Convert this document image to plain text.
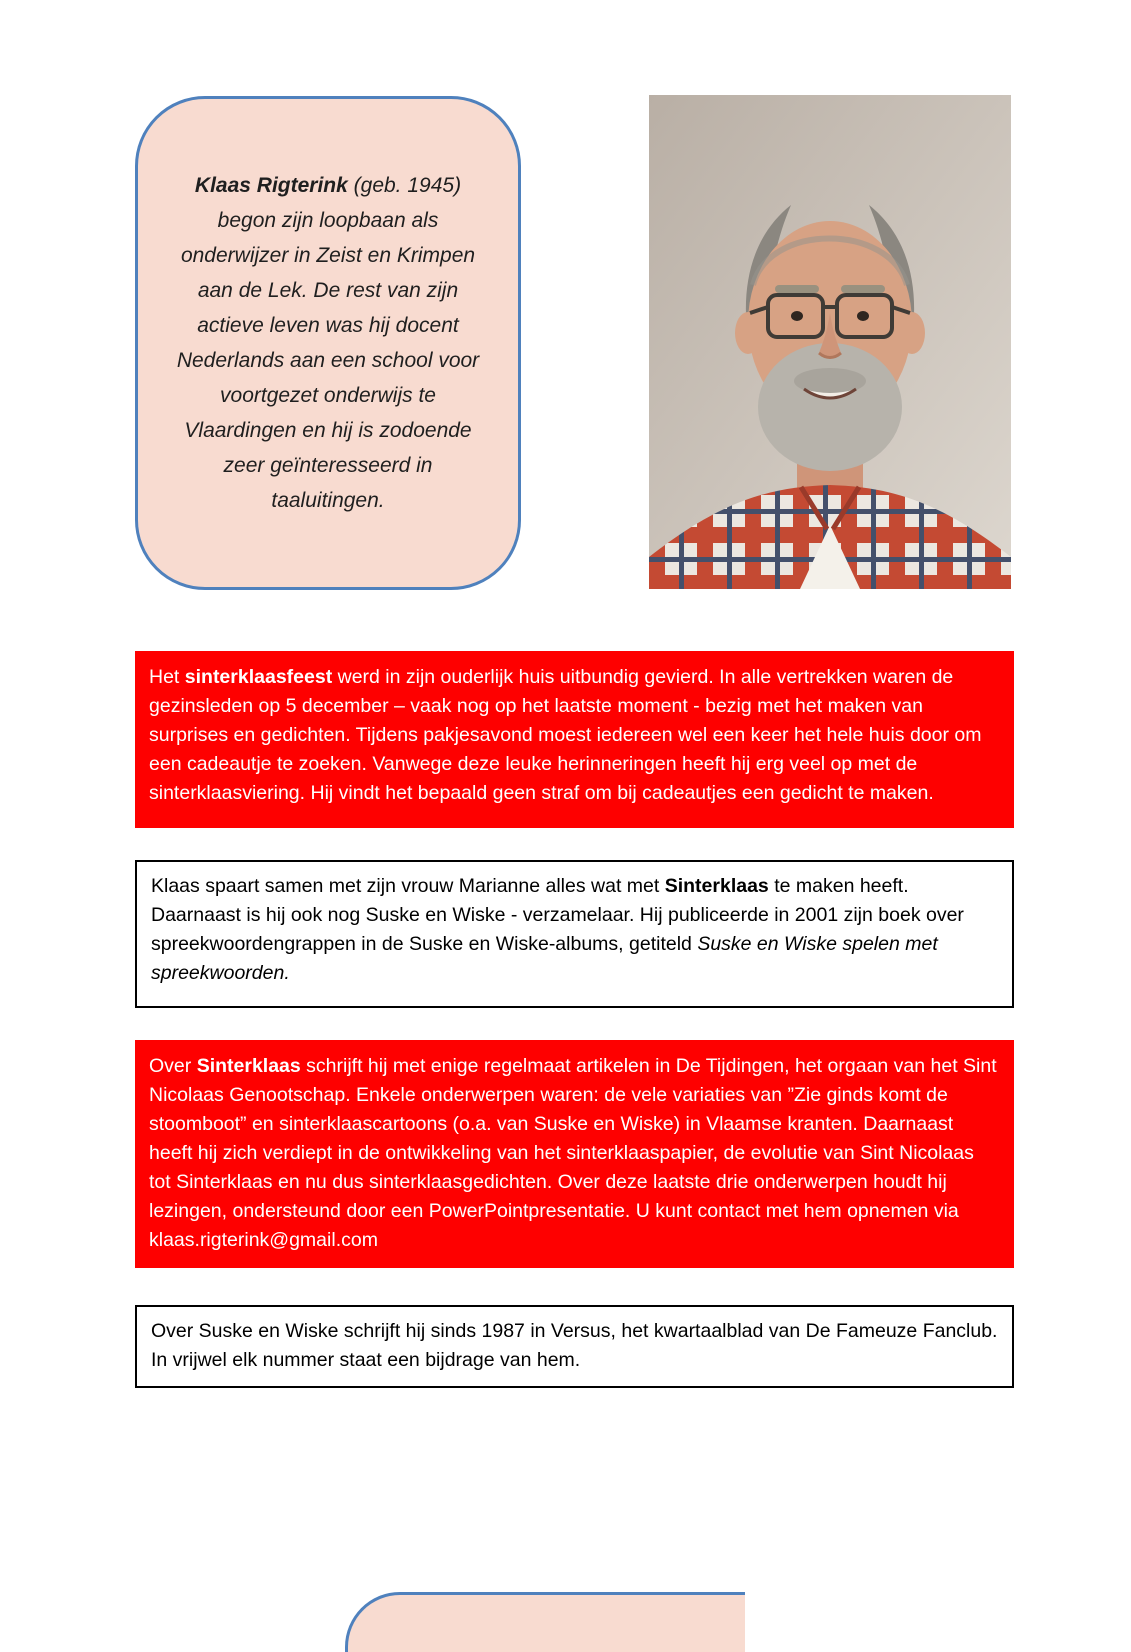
Klaas Rigterink (geb. 1945) begon zijn loopbaan als onderwijzer in Zeist en Krimpen aan de Lek. De rest van zijn actieve leven was hij docent Nederlands aan een school voor voortgezet onderwijs te Vlaardingen en hij is zodoende zeer geïnteresseerd in taaluitingen.
Het sinterklaasfeest werd in zijn ouderlijk huis uitbundig gevierd. In alle vertrekken waren de gezinsleden op 5 december – vaak nog op het laatste moment - bezig met het maken van surprises en gedichten. Tijdens pakjesavond moest iedereen wel een keer het hele huis door om een cadeautje te zoeken. Vanwege deze leuke herinneringen heeft hij erg veel op met de sinterklaasviering. Hij vindt het bepaald geen straf om bij cadeautjes een gedicht te maken.
Klaas spaart samen met zijn vrouw Marianne alles wat met Sinterklaas te maken heeft. Daarnaast is hij ook nog Suske en Wiske - verzamelaar. Hij publiceerde in 2001 zijn boek over spreekwoordengrappen in de Suske en Wiske-albums, getiteld Suske en Wiske spelen met spreekwoorden.
Over Sinterklaas schrijft hij met enige regelmaat artikelen in De Tijdingen, het orgaan van het Sint Nicolaas Genootschap. Enkele onderwerpen waren: de vele variaties van ”Zie ginds komt de stoomboot” en sinterklaascartoons (o.a. van Suske en Wiske) in Vlaamse kranten. Daarnaast heeft hij zich verdiept in de ontwikkeling van het sinterklaaspapier, de evolutie van Sint Nicolaas tot Sinterklaas en nu dus sinterklaasgedichten. Over deze laatste drie onderwerpen houdt hij lezingen, ondersteund door een PowerPointpresentatie. U kunt contact met hem opnemen via klaas.rigterink@gmail.com
Over Suske en Wiske schrijft hij sinds 1987 in Versus, het kwartaalblad van De Fameuze Fanclub. In vrijwel elk nummer staat een bijdrage van hem.
